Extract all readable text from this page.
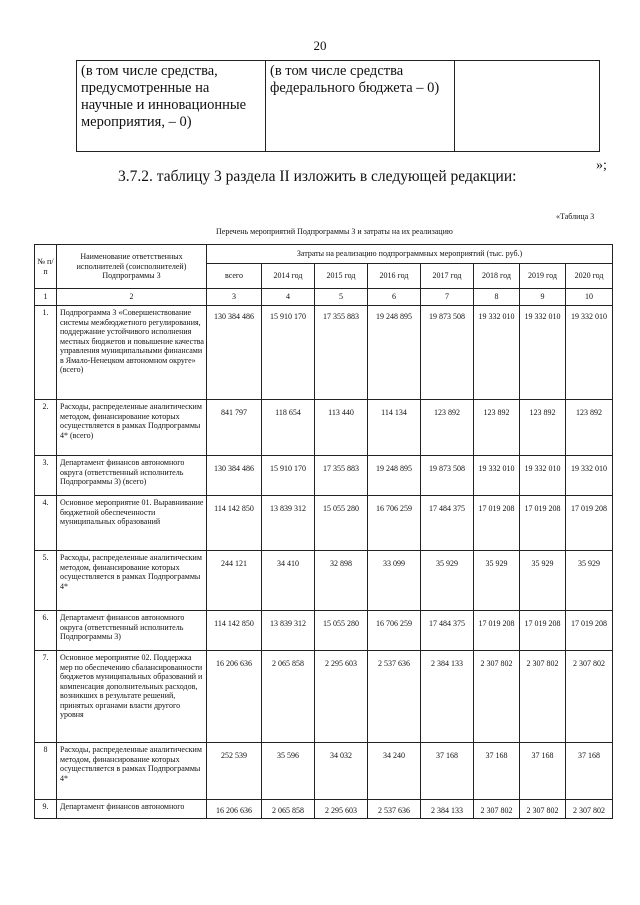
20
(в том числе средства, предусмотренные на научные и инновационные мероприятия, – 0)	(в том числе средства федерального бюджета – 0)	
»;
3.7.2. таблицу 3 раздела II изложить в следующей редакции:
«Таблица 3
Перечень мероприятий Подпрограммы 3 и затраты на их реализацию
№ п/п	Наименование ответственных исполнителей (соисполнителей) Подпрограммы 3	Затраты на реализацию подпрограммных мероприятий (тыс. руб.)							
		всего	2014 год	2015 год	2016 год	2017 год	2018 год	2019 год	2020 год
1	2	3	4	5	6	7	8	9	10
1.	Подпрограмма 3 «Совершенствование системы межбюджетного регулирования, поддержание устойчивого исполнения местных бюджетов и повышение качества управления муниципальными финансами в Ямало-Ненецком автономном округе» (всего)	130 384 486	15 910 170	17 355 883	19 248 895	19 873 508	19 332 010	19 332 010	19 332 010
2.	Расходы, распределенные аналитическим методом, финансирование которых осуществляется в рамках Подпрограммы 4* (всего)	841 797	118 654	113 440	114 134	123 892	123 892	123 892	123 892
3.	Департамент финансов автономного округа (ответственный исполнитель Подпрограммы 3) (всего)	130 384 486	15 910 170	17 355 883	19 248 895	19 873 508	19 332 010	19 332 010	19 332 010
4.	Основное мероприятие 01. Выравнивание бюджетной обеспеченности муниципальных образований	114 142 850	13 839 312	15 055 280	16 706 259	17 484 375	17 019 208	17 019 208	17 019 208
5.	Расходы, распределенные аналитическим методом, финансирование которых осуществляется в рамках Подпрограммы 4*	244 121	34 410	32 898	33 099	35 929	35 929	35 929	35 929
6.	Департамент финансов автономного округа (ответственный исполнитель Подпрограммы 3)	114 142 850	13 839 312	15 055 280	16 706 259	17 484 375	17 019 208	17 019 208	17 019 208
7.	Основное мероприятие 02. Поддержка мер по обеспечению сбалансированности бюджетов муниципальных образований и компенсация дополнительных расходов, возникших в результате решений, принятых органами власти другого уровня	16 206 636	2 065 858	2 295 603	2 537 636	2 384 133	2 307 802	2 307 802	2 307 802
8	Расходы, распределенные аналитическим методом, финансирование которых осуществляется в рамках Подпрограммы 4*	252 539	35 596	34 032	34 240	37 168	37 168	37 168	37 168
9.	Департамент финансов автономного	16 206 636	2 065 858	2 295 603	2 537 636	2 384 133	2 307 802	2 307 802	2 307 802
